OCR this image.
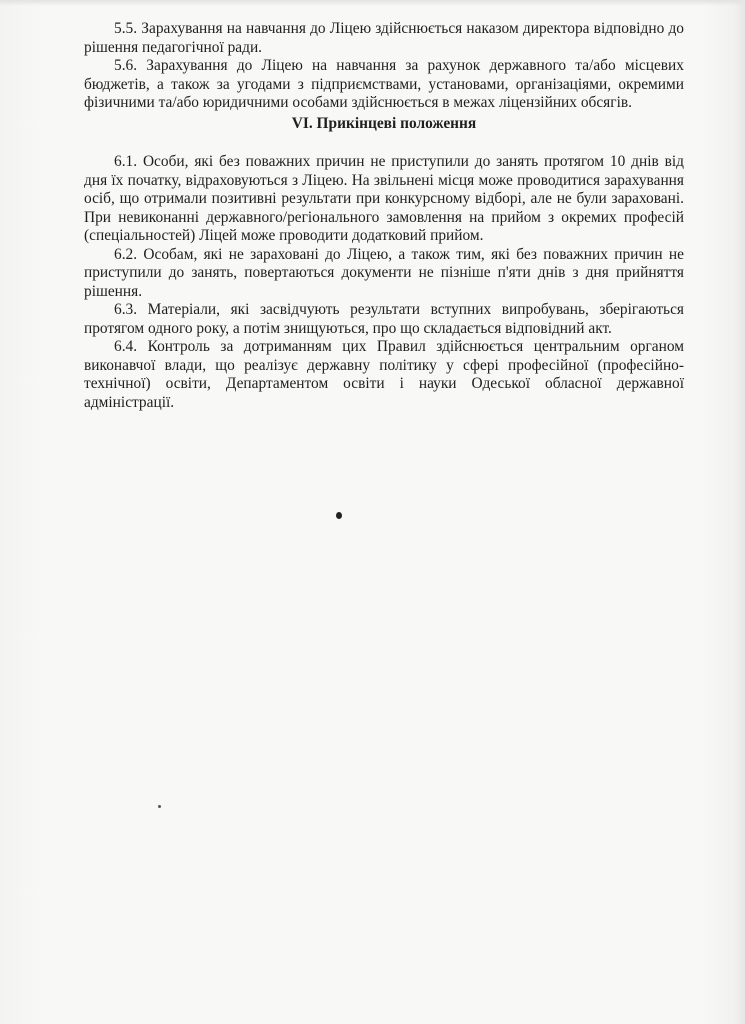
5.5. Зарахування на навчання до Ліцею здійснюється наказом директора відповідно до рішення педагогічної ради.

5.6. Зарахування до Ліцею на навчання за рахунок державного та/або місцевих бюджетів, а також за угодами з підприємствами, установами, організаціями, окремими фізичними та/або юридичними особами здійснюється в межах ліцензійних обсягів.

VI. Прикінцеві положення

6.1. Особи, які без поважних причин не приступили до занять протягом 10 днів від дня їх початку, відраховуються з Ліцею. На звільнені місця може проводитися зарахування осіб, що отримали позитивні результати при конкурсному відборі, але не були зараховані. При невиконанні державного/регіонального замовлення на прийом з окремих професій (спеціальностей) Ліцей може проводити додатковий прийом.

6.2. Особам, які не зараховані до Ліцею, а також тим, які без поважних причин не приступили до занять, повертаються документи не пізніше п'яти днів з дня прийняття рішення.

6.3. Матеріали, які засвідчують результати вступних випробувань, зберігаються протягом одного року, а потім знищуються, про що складається відповідний акт.

6.4. Контроль за дотриманням цих Правил здійснюється центральним органом виконавчої влади, що реалізує державну політику у сфері професійної (професійно-технічної) освіти, Департаментом освіти і науки Одеської обласної державної адміністрації.
